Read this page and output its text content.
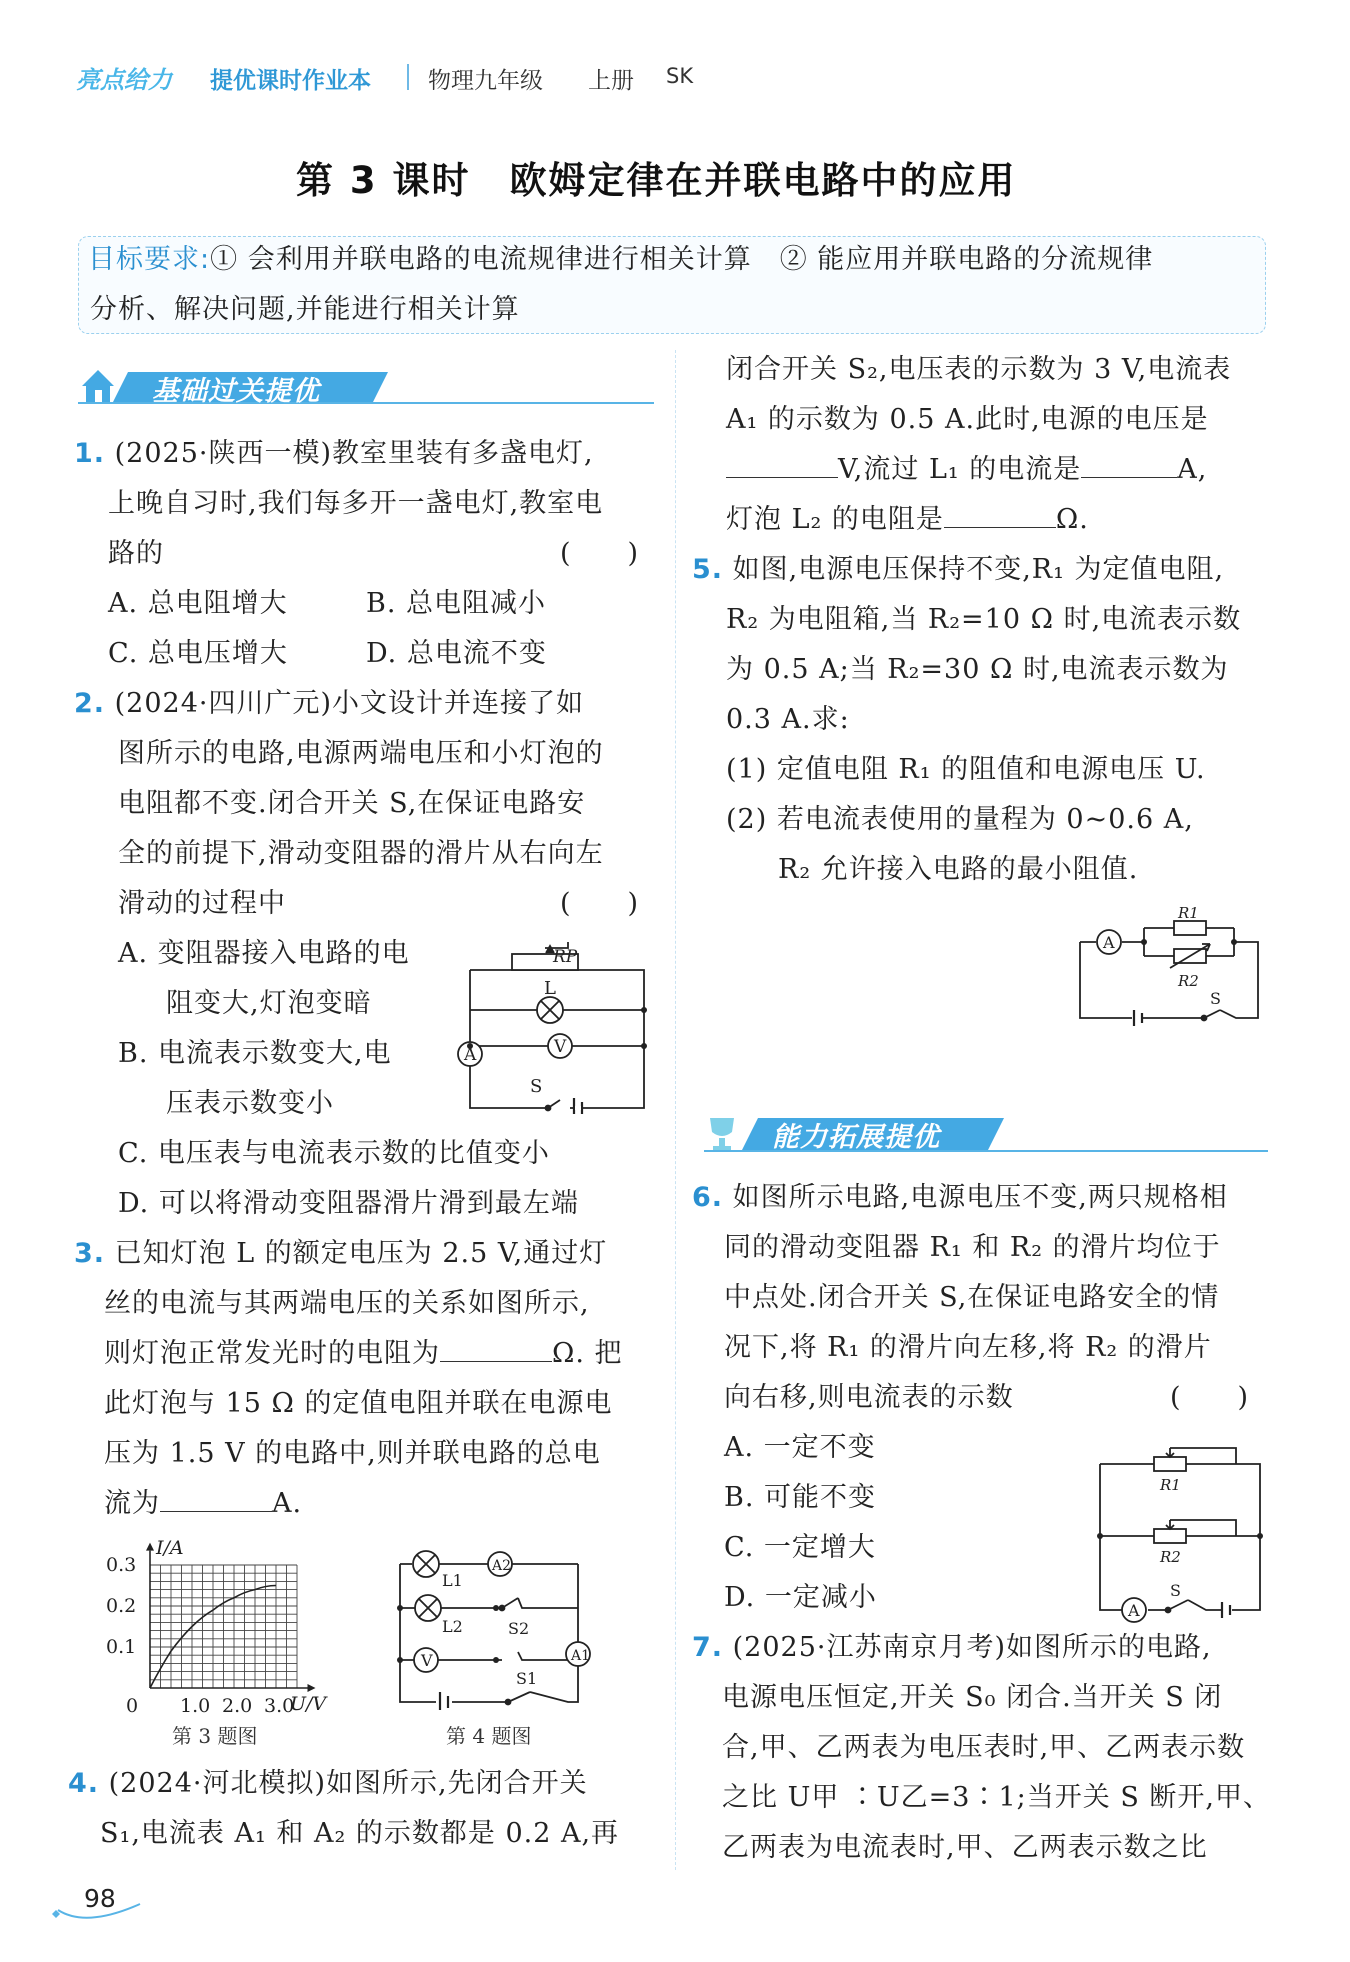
亮点给力 提优课时作业本 物理九年级 上册 SK
第 3 课时　欧姆定律在并联电路中的应用
目标要求:① 会利用并联电路的电流规律进行相关计算　② 能应用并联电路的分流规律
分析、解决问题,并能进行相关计算
基础过关提优
1. (2025·陕西一模)教室里装有多盏电灯,
上晚自习时,我们每多开一盏电灯,教室电
路的	(　　)
A. 总电阻增大	B. 总电阻减小
C. 总电压增大	D. 总电流不变
2. (2024·四川广元)小文设计并连接了如
图所示的电路,电源两端电压和小灯泡的
电阻都不变.闭合开关 S,在保证电路安
全的前提下,滑动变阻器的滑片从右向左
滑动的过程中	(　　)
A. 变阻器接入电路的电
阻变大,灯泡变暗
B. 电流表示数变大,电
压表示数变小
C. 电压表与电流表示数的比值变小
D. 可以将滑动变阻器滑片滑到最左端
RP
L
A	V
S
3. 已知灯泡 L 的额定电压为 2.5 V,通过灯
丝的电流与其两端电压的关系如图所示,
则灯泡正常发光时的电阻为	Ω. 把
此灯泡与 15 Ω 的定值电阻并联在电源电
压为 1.5 V 的电路中,则并联电路的总电
流为	A.
0 1.0 2.0 3.0
0.1
0.2
0.3
I/A
U/V
第 3 题图
L1
L2
A2
A1
V
S2
S1
第 4 题图
4. (2024·河北模拟)如图所示,先闭合开关
S₁,电流表 A₁ 和 A₂ 的示数都是 0.2 A,再
闭合开关 S₂,电压表的示数为 3 V,电流表
A₁ 的示数为 0.5 A.此时,电源的电压是
V,流过 L₁ 的电流是	A,
灯泡 L₂ 的电阻是	Ω.
5. 如图,电源电压保持不变,R₁ 为定值电阻,
R₂ 为电阻箱,当 R₂=10 Ω 时,电流表示数
为 0.5 A;当 R₂=30 Ω 时,电流表示数为
0.3 A.求:
(1) 定值电阻 R₁ 的阻值和电源电压 U.
(2) 若电流表使用的量程为 0~0.6 A,
R₂ 允许接入电路的最小阻值.
A
R1
R2
S
能力拓展提优
6. 如图所示电路,电源电压不变,两只规格相
同的滑动变阻器 R₁ 和 R₂ 的滑片均位于
中点处.闭合开关 S,在保证电路安全的情
况下,将 R₁ 的滑片向左移,将 R₂ 的滑片
向右移,则电流表的示数	(　　)
A. 一定不变
B. 可能不变
C. 一定增大
D. 一定减小
R1
R2
A
S
7. (2025·江苏南京月考)如图所示的电路,
电源电压恒定,开关 S₀ 闭合.当开关 S 闭
合,甲、乙两表为电压表时,甲、乙两表示数
之比 U甲 ∶U乙=3∶1;当开关 S 断开,甲、
乙两表为电流表时,甲、乙两表示数之比
98
